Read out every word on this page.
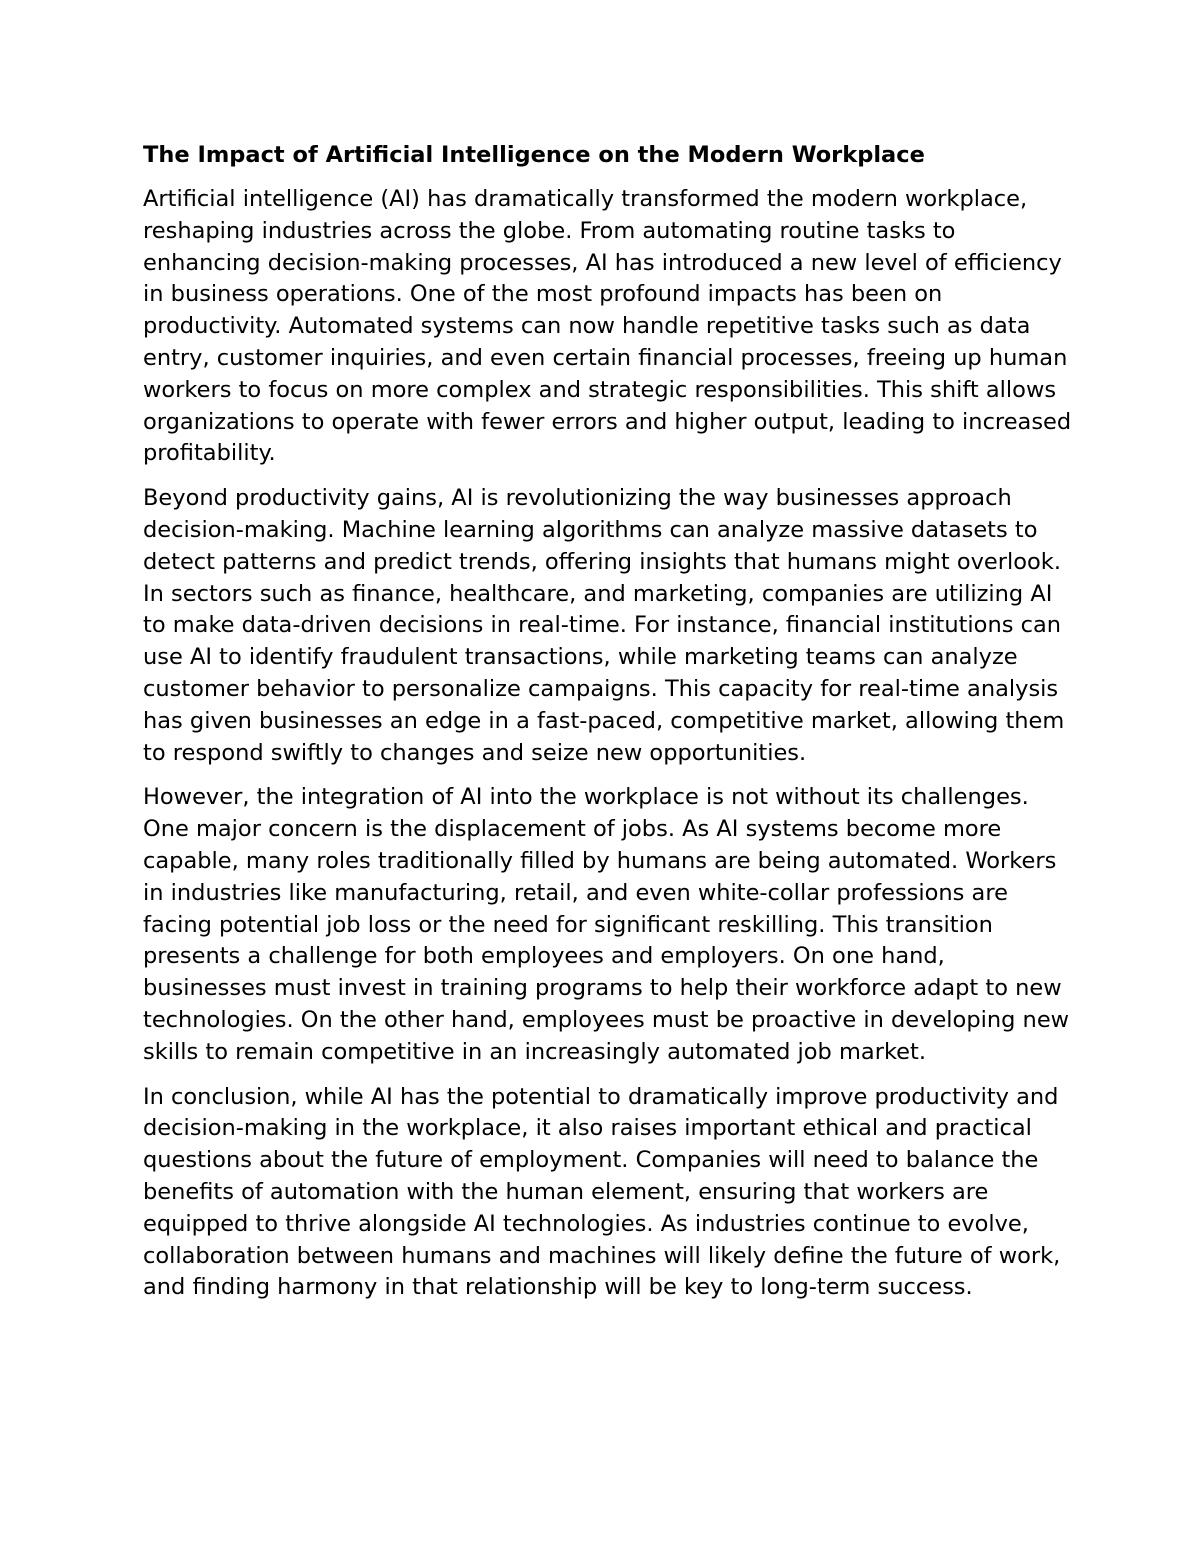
The Impact of Artificial Intelligence on the Modern Workplace

Artificial intelligence (AI) has dramatically transformed the modern workplace, reshaping industries across the globe. From automating routine tasks to enhancing decision-making processes, AI has introduced a new level of efficiency in business operations. One of the most profound impacts has been on productivity. Automated systems can now handle repetitive tasks such as data entry, customer inquiries, and even certain financial processes, freeing up human workers to focus on more complex and strategic responsibilities. This shift allows organizations to operate with fewer errors and higher output, leading to increased profitability.

Beyond productivity gains, AI is revolutionizing the way businesses approach decision-making. Machine learning algorithms can analyze massive datasets to detect patterns and predict trends, offering insights that humans might overlook. In sectors such as finance, healthcare, and marketing, companies are utilizing AI to make data-driven decisions in real-time. For instance, financial institutions can use AI to identify fraudulent transactions, while marketing teams can analyze customer behavior to personalize campaigns. This capacity for real-time analysis has given businesses an edge in a fast-paced, competitive market, allowing them to respond swiftly to changes and seize new opportunities.

However, the integration of AI into the workplace is not without its challenges. One major concern is the displacement of jobs. As AI systems become more capable, many roles traditionally filled by humans are being automated. Workers in industries like manufacturing, retail, and even white-collar professions are facing potential job loss or the need for significant reskilling. This transition presents a challenge for both employees and employers. On one hand, businesses must invest in training programs to help their workforce adapt to new technologies. On the other hand, employees must be proactive in developing new skills to remain competitive in an increasingly automated job market.

In conclusion, while AI has the potential to dramatically improve productivity and decision-making in the workplace, it also raises important ethical and practical questions about the future of employment. Companies will need to balance the benefits of automation with the human element, ensuring that workers are equipped to thrive alongside AI technologies. As industries continue to evolve, collaboration between humans and machines will likely define the future of work, and finding harmony in that relationship will be key to long-term success.
